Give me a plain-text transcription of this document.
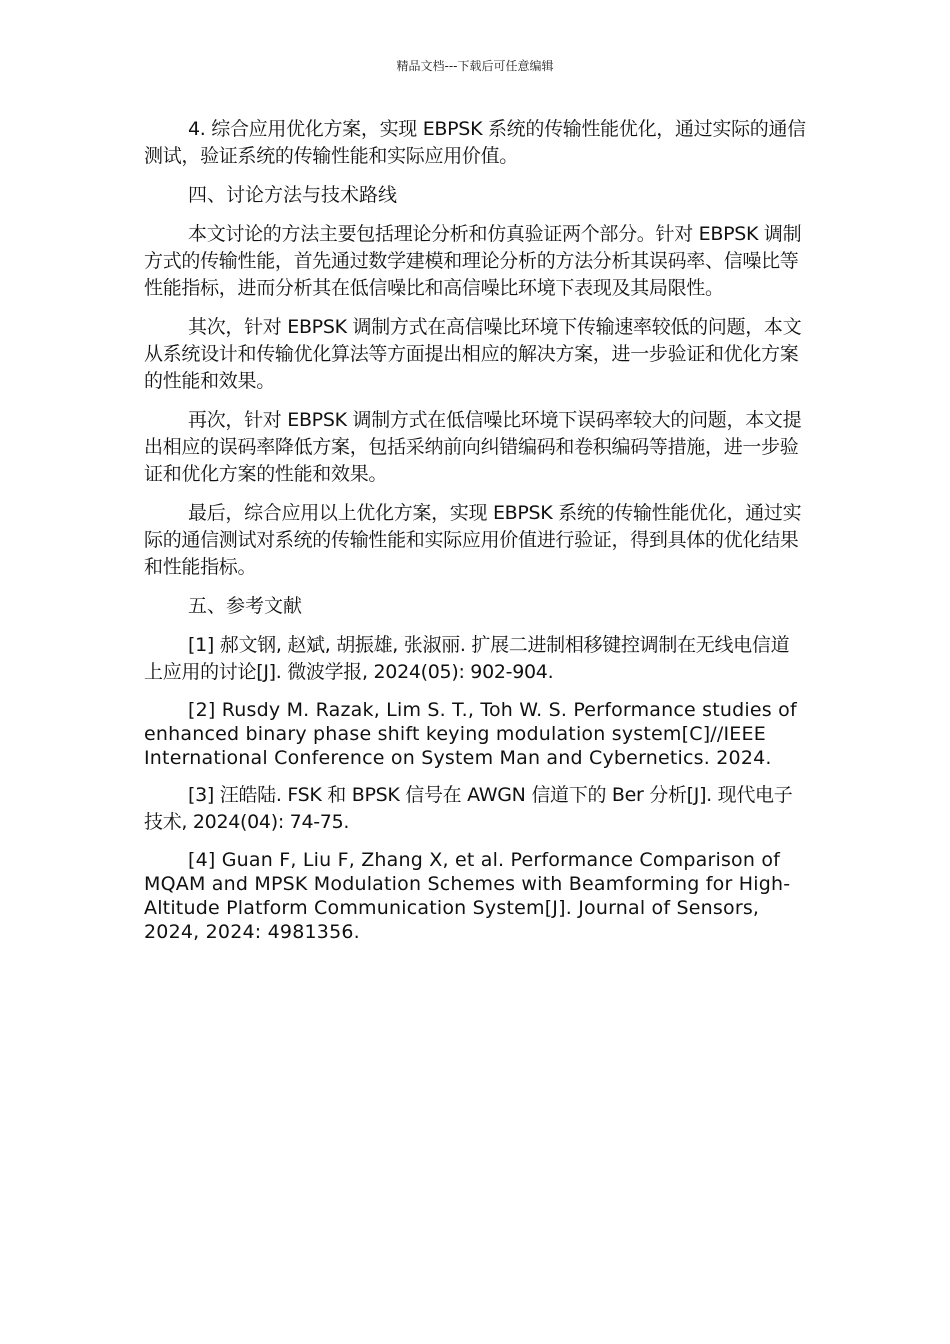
精品文档---下载后可任意编辑

4. 综合应用优化方案，实现 EBPSK 系统的传输性能优化，通过实际的通信测试，验证系统的传输性能和实际应用价值。

四、讨论方法与技术路线

本文讨论的方法主要包括理论分析和仿真验证两个部分。针对 EBPSK 调制方式的传输性能，首先通过数学建模和理论分析的方法分析其误码率、信噪比等性能指标，进而分析其在低信噪比和高信噪比环境下表现及其局限性。

其次，针对 EBPSK 调制方式在高信噪比环境下传输速率较低的问题，本文从系统设计和传输优化算法等方面提出相应的解决方案，进一步验证和优化方案的性能和效果。

再次，针对 EBPSK 调制方式在低信噪比环境下误码率较大的问题，本文提出相应的误码率降低方案，包括采纳前向纠错编码和卷积编码等措施，进一步验证和优化方案的性能和效果。

最后，综合应用以上优化方案，实现 EBPSK 系统的传输性能优化，通过实际的通信测试对系统的传输性能和实际应用价值进行验证，得到具体的优化结果和性能指标。

五、参考文献

[1] 郝文钢, 赵斌, 胡振雄, 张淑丽. 扩展二进制相移键控调制在无线电信道上应用的讨论[J]. 微波学报, 2024(05): 902-904.

[2] Rusdy M. Razak, Lim S. T., Toh W. S. Performance studies of enhanced binary phase shift keying modulation system[C]//IEEE International Conference on System Man and Cybernetics. 2024.

[3] 汪皓陆. FSK 和 BPSK 信号在 AWGN 信道下的 Ber 分析[J]. 现代电子技术, 2024(04): 74-75.

[4] Guan F, Liu F, Zhang X, et al. Performance Comparison of MQAM and MPSK Modulation Schemes with Beamforming for High-Altitude Platform Communication System[J]. Journal of Sensors, 2024, 2024: 4981356.
